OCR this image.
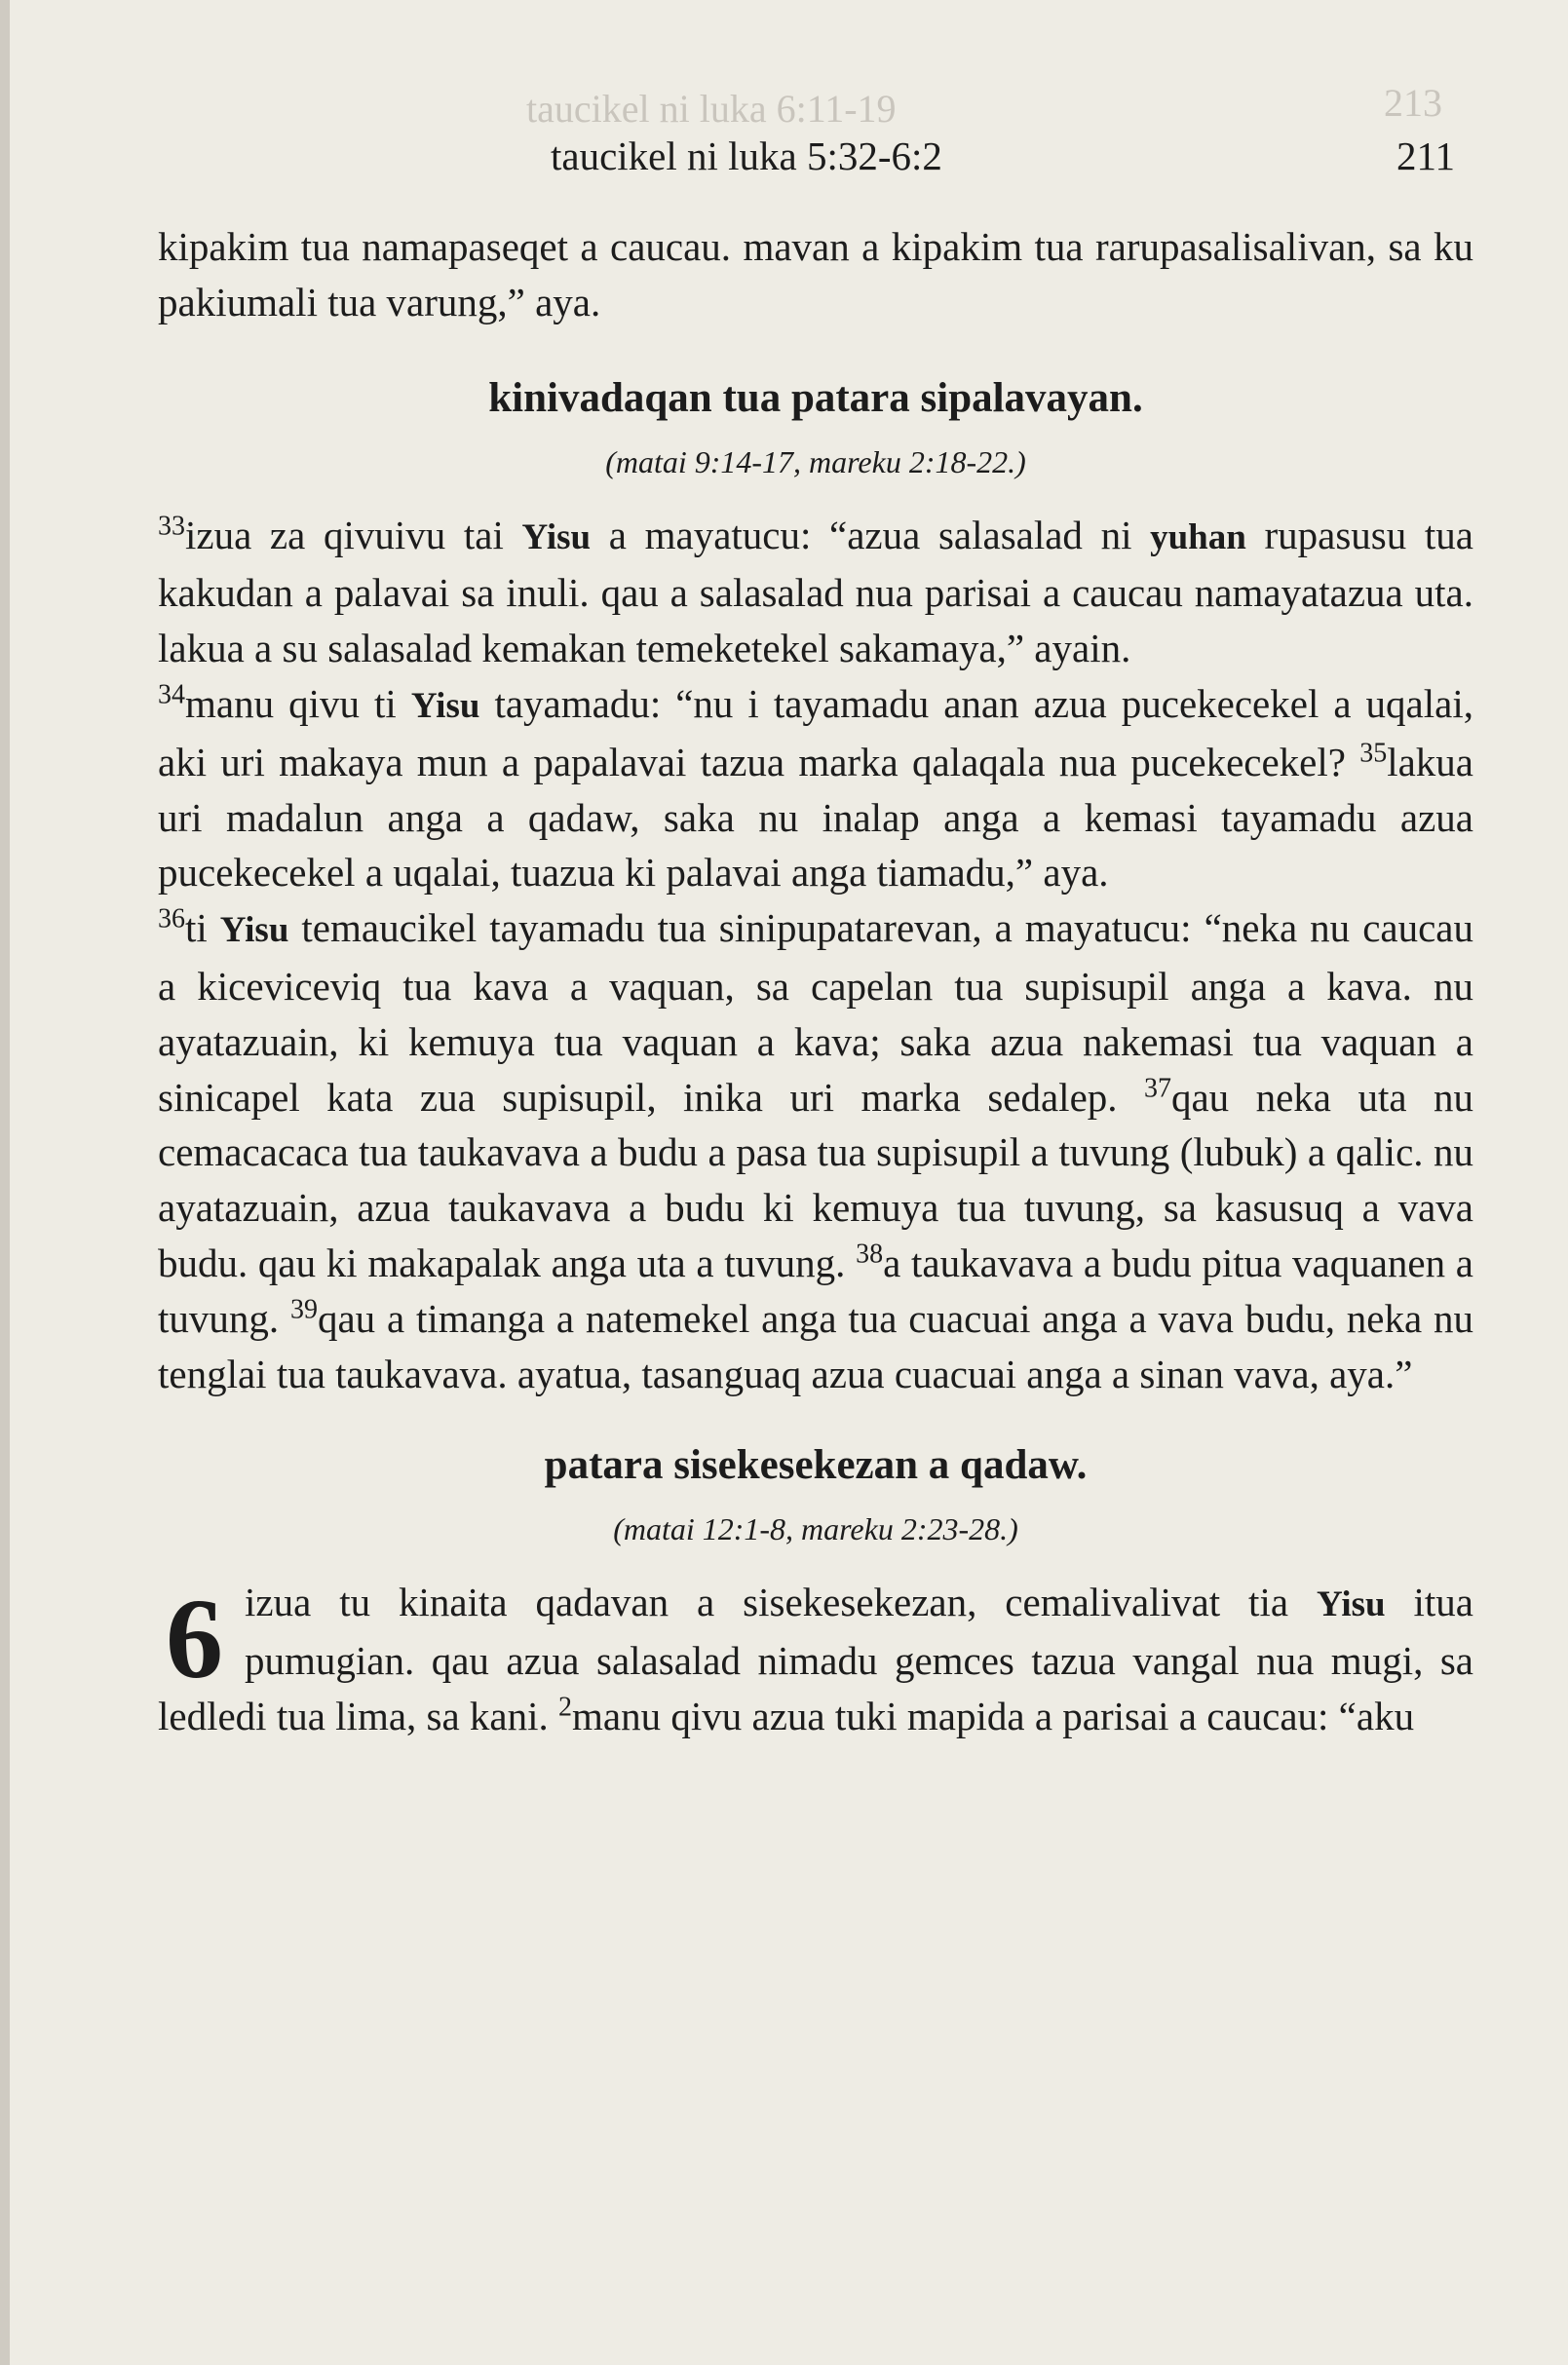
taucikel ni luka 6:11-19	213
taucikel ni luka 5:32-6:2	211

kipakim tua namapaseqet a caucau. mavan a kipakim tua rarupasalisalivan, sa ku pakiumali tua varung,” aya.

kinivadaqan tua patara sipalavayan.

(matai 9:14-17, mareku 2:18-22.)

$^{33}$izua za qivuivu tai Yisu a mayatucu: “azua salasalad ni yuhan rupasusu tua kakudan a palavai sa inuli. qau a salasalad nua parisai a caucau namayatazua uta. lakua a su salasalad kemakan temeketekel sakamaya,” ayain.

$^{34}$manu qivu ti Yisu tayamadu: “nu i tayamadu anan azua pucekecekel a uqalai, aki uri makaya mun a papalavai tazua marka qalaqala nua pucekecekel? $^{35}$lakua uri madalun anga a qadaw, saka nu inalap anga a kemasi tayamadu azua pucekecekel a uqalai, tuazua ki palavai anga tiamadu,” aya.

$^{36}$ti Yisu temaucikel tayamadu tua sinipupatarevan, a mayatucu: “neka nu caucau a kiceviceviq tua kava a vaquan, sa capelan tua supisupil anga a kava. nu ayatazuain, ki kemuya tua vaquan a kava; saka azua nakemasi tua vaquan a sinicapel kata zua supisupil, inika uri marka sedalep. $^{37}$qau neka uta nu cemacacaca tua taukavava a budu a pasa tua supisupil a tuvung (lubuk) a qalic. nu ayatazuain, azua taukavava a budu ki kemuya tua tuvung, sa kasusuq a vava budu. qau ki makapalak anga uta a tuvung. $^{38}$a taukavava a budu pitua vaquanen a tuvung. $^{39}$qau a timanga a natemekel anga tua cuacuai anga a vava budu, neka nu tenglai tua taukavava. ayatua, tasanguaq azua cuacuai anga a sinan vava, aya.”

patara sisekesekezan a qadaw.

(matai 12:1-8, mareku 2:23-28.)

6 izua tu kinaita qadavan a sisekesekezan, cemalivalivat tia Yisu itua pumugian. qau azua salasalad nimadu gemces tazua vangal nua mugi, sa ledledi tua lima, sa kani. $^2$manu qivu azua tuki mapida a parisai a caucau: “aku
